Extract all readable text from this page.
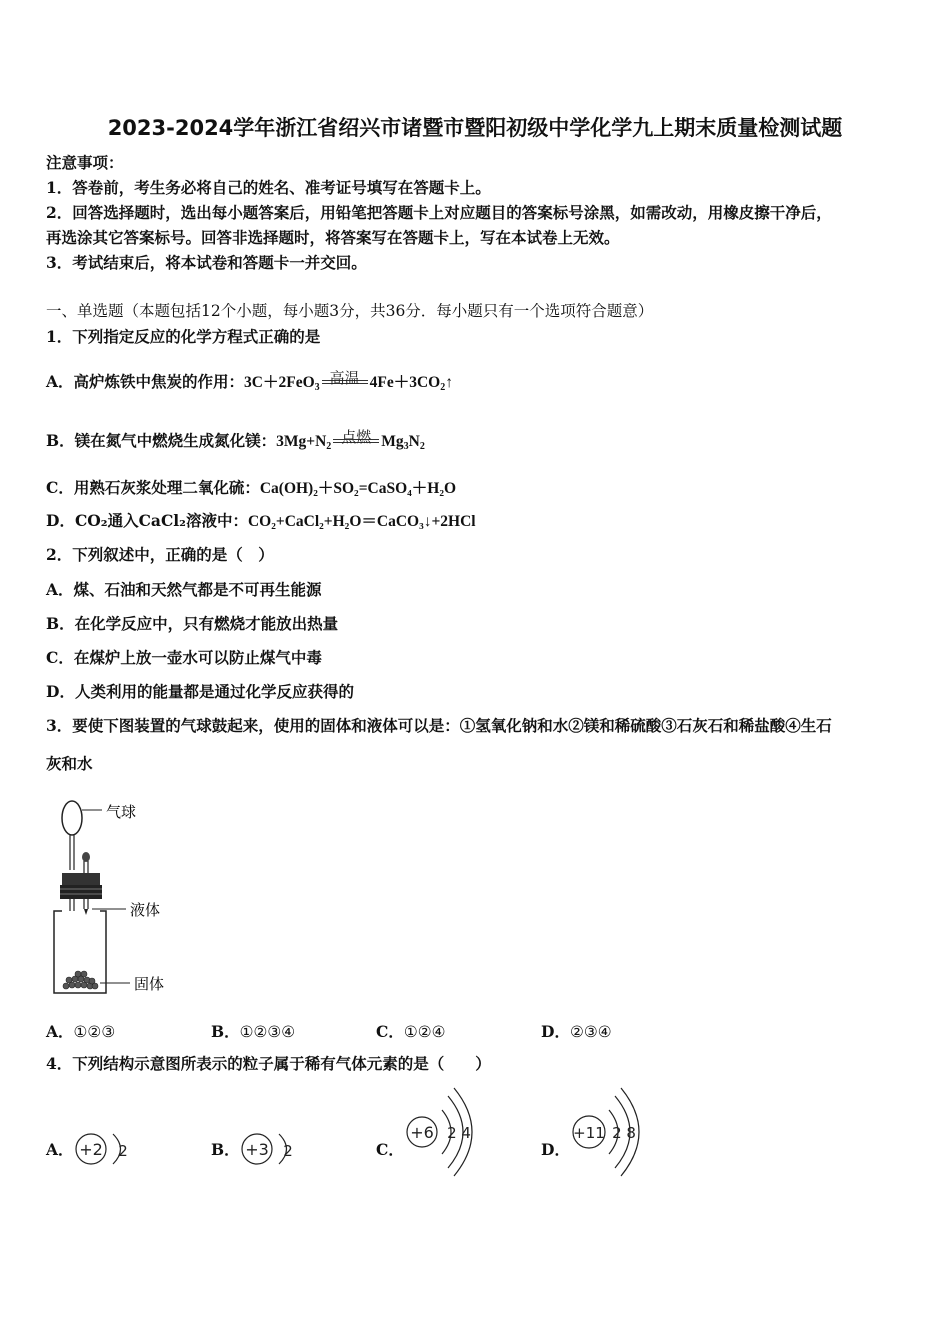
2023-2024学年浙江省绍兴市诸暨市暨阳初级中学化学九上期末质量检测试题
注意事项：
1．答卷前，考生务必将自己的姓名、准考证号填写在答题卡上。
2．回答选择题时，选出每小题答案后，用铅笔把答题卡上对应题目的答案标号涂黑，如需改动，用橡皮擦干净后，
再选涂其它答案标号。回答非选择题时，将答案写在答题卡上，写在本试卷上无效。
3．考试结束后，将本试卷和答题卡一并交回。
一、单选题（本题包括12个小题，每小题3分，共36分．每小题只有一个选项符合题意）
1．下列指定反应的化学方程式正确的是
A．高炉炼铁中焦炭的作用：3C＋2FeO$_3$
高温 $4Fe+3CO_2↑$
B．镁在氮气中燃烧生成氮化镁：$3Mg+N_2$
点燃 $Mg_3N_2$
C．用熟石灰浆处理二氧化硫：Ca(OH)₂＋SO₂=CaSO₄＋H₂O
D．CO₂通入CaCl₂溶液中：CO₂+CaCl₂+H₂O＝CaCO₃↓+2HCl
2．下列叙述中，正确的是（　）
A．煤、石油和天然气都是不可再生能源
B．在化学反应中，只有燃烧才能放出热量
C．在煤炉上放一壶水可以防止煤气中毒
D．人类利用的能量都是通过化学反应获得的
3．要使下图装置的气球鼓起来，使用的固体和液体可以是：①氢氧化钠和水②镁和稀硫酸③石灰石和稀盐酸④生石
灰和水
气球
液体
固体
A．①②③	B．①②③④	C．①②④	D．②③④
4．下列结构示意图所表示的粒子属于稀有气体元素的是（　　）
A． +2 2	B． +3 2	C．
+6 2 4
D．
+11 2 8
